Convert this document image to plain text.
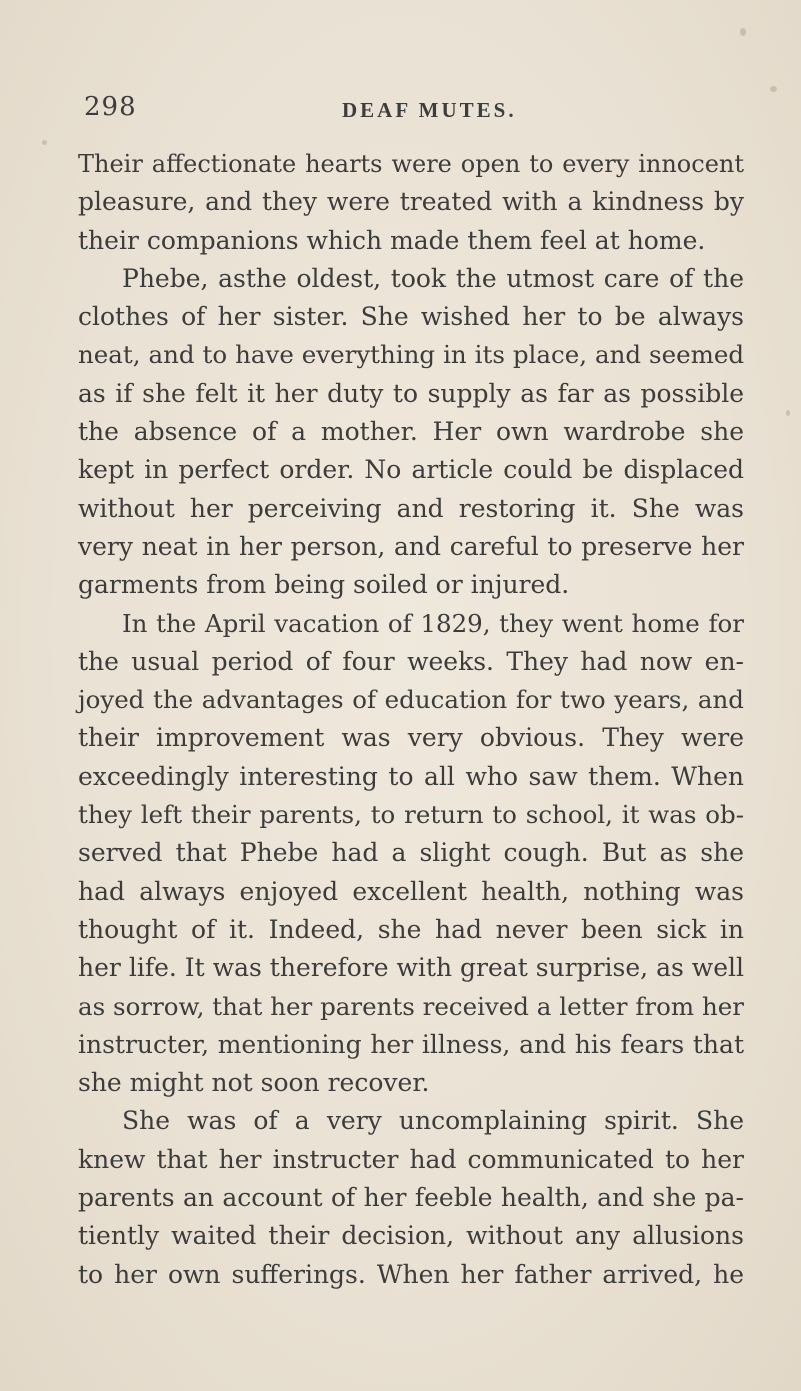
298	DEAF MUTES.
Their affectionate hearts were open to every innocent
pleasure, and they were treated with a kindness by
their companions which made them feel at home.
Phebe, asthe oldest, took the utmost care of the
clothes of her sister. She wished her to be always
neat, and to have everything in its place, and seemed
as if she felt it her duty to supply as far as possible
the absence of a mother. Her own wardrobe she
kept in perfect order. No article could be displaced
without her perceiving and restoring it. She was
very neat in her person, and careful to preserve her
garments from being soiled or injured.
In the April vacation of 1829, they went home for
the usual period of four weeks. They had now en-
joyed the advantages of education for two years, and
their improvement was very obvious. They were
exceedingly interesting to all who saw them. When
they left their parents, to return to school, it was ob-
served that Phebe had a slight cough. But as she
had always enjoyed excellent health, nothing was
thought of it. Indeed, she had never been sick in
her life. It was therefore with great surprise, as well
as sorrow, that her parents received a letter from her
instructer, mentioning her illness, and his fears that
she might not soon recover.
She was of a very uncomplaining spirit. She
knew that her instructer had communicated to her
parents an account of her feeble health, and she pa-
tiently waited their decision, without any allusions
to her own sufferings. When her father arrived, he
